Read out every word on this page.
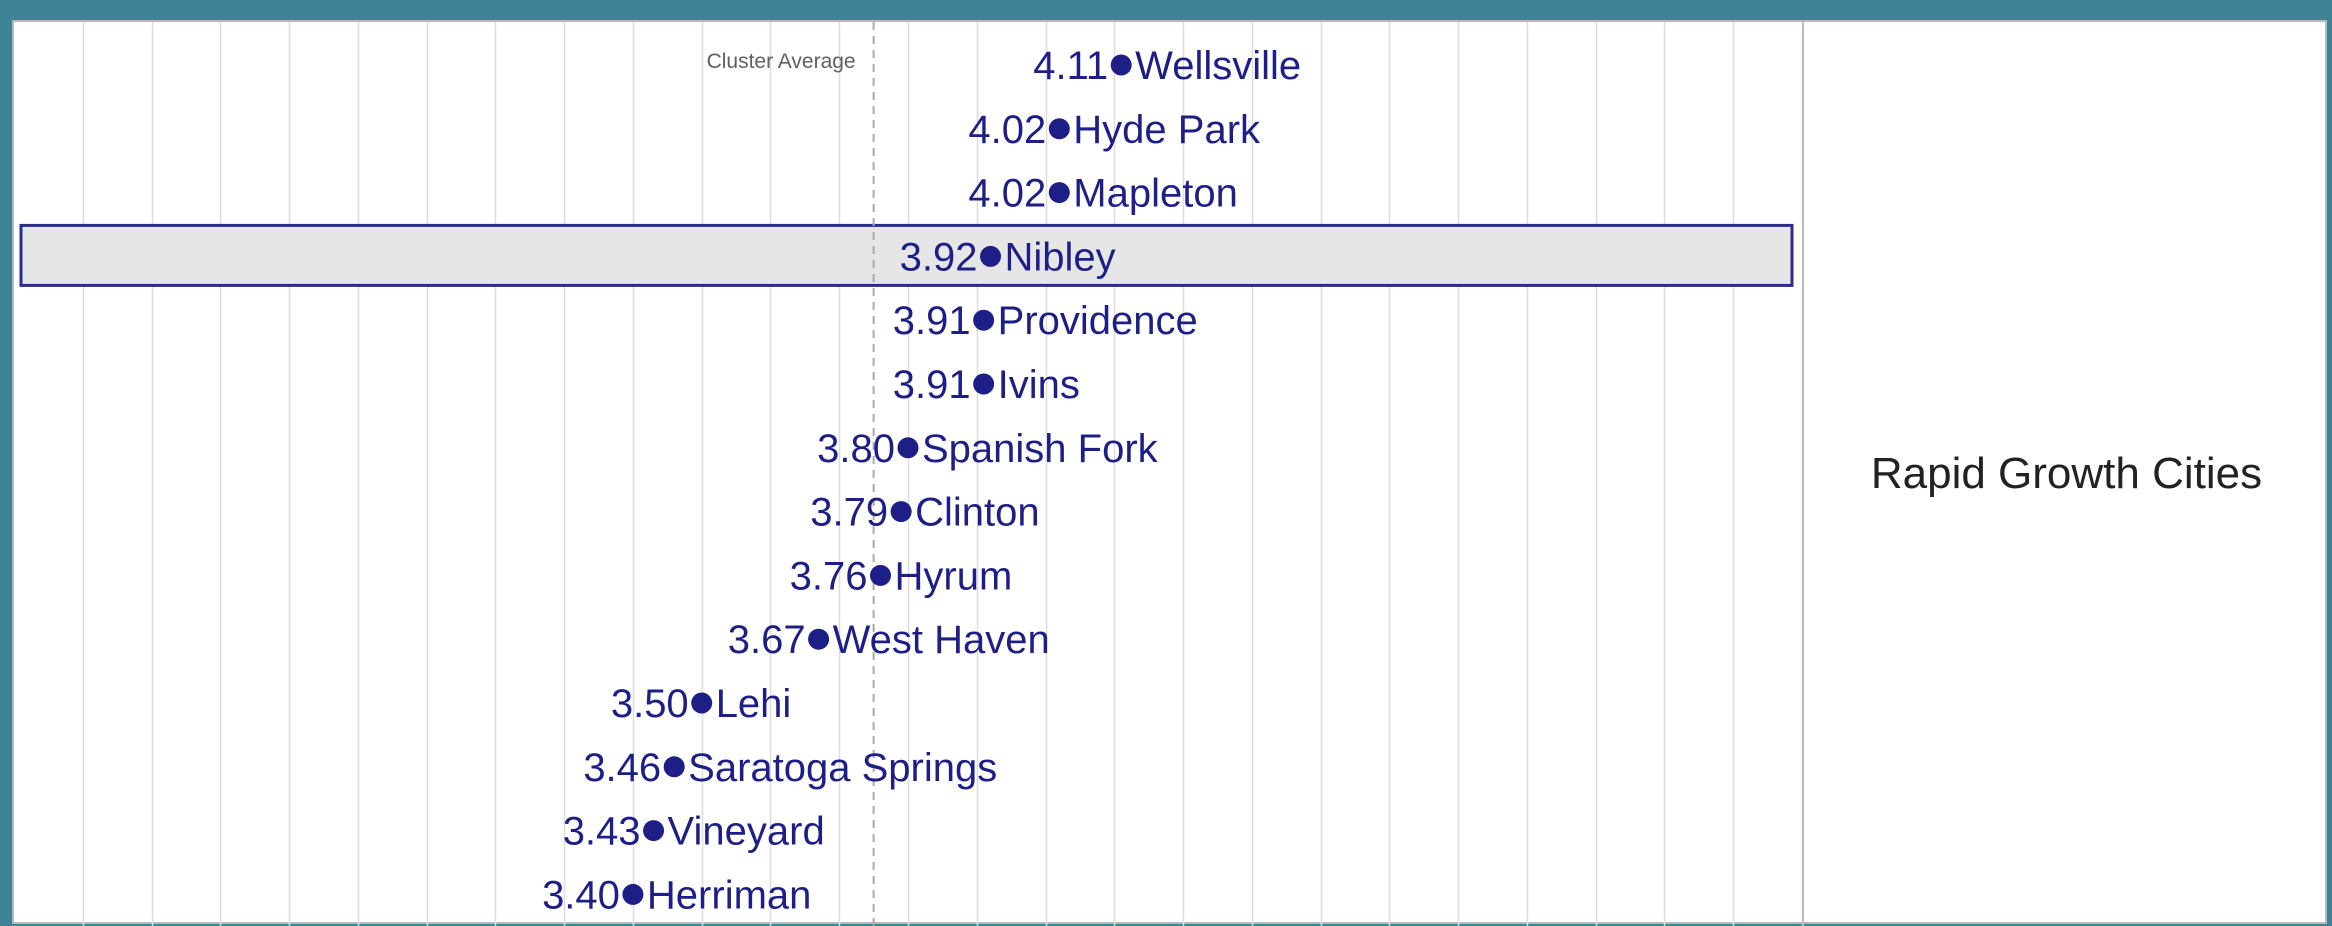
Cluster Average	4.11 Wellsville
4.02 Hyde Park
4.02 Mapleton
3.92 Nibley
3.91 Providence
3.91 Ivins
3.80 Spanish Fork
3.79 Clinton
3.76 Hyrum
3.67 West Haven
3.50 Lehi
3.46 Saratoga Springs
3.43 Vineyard
3.40 Herriman
Rapid Growth Cities
